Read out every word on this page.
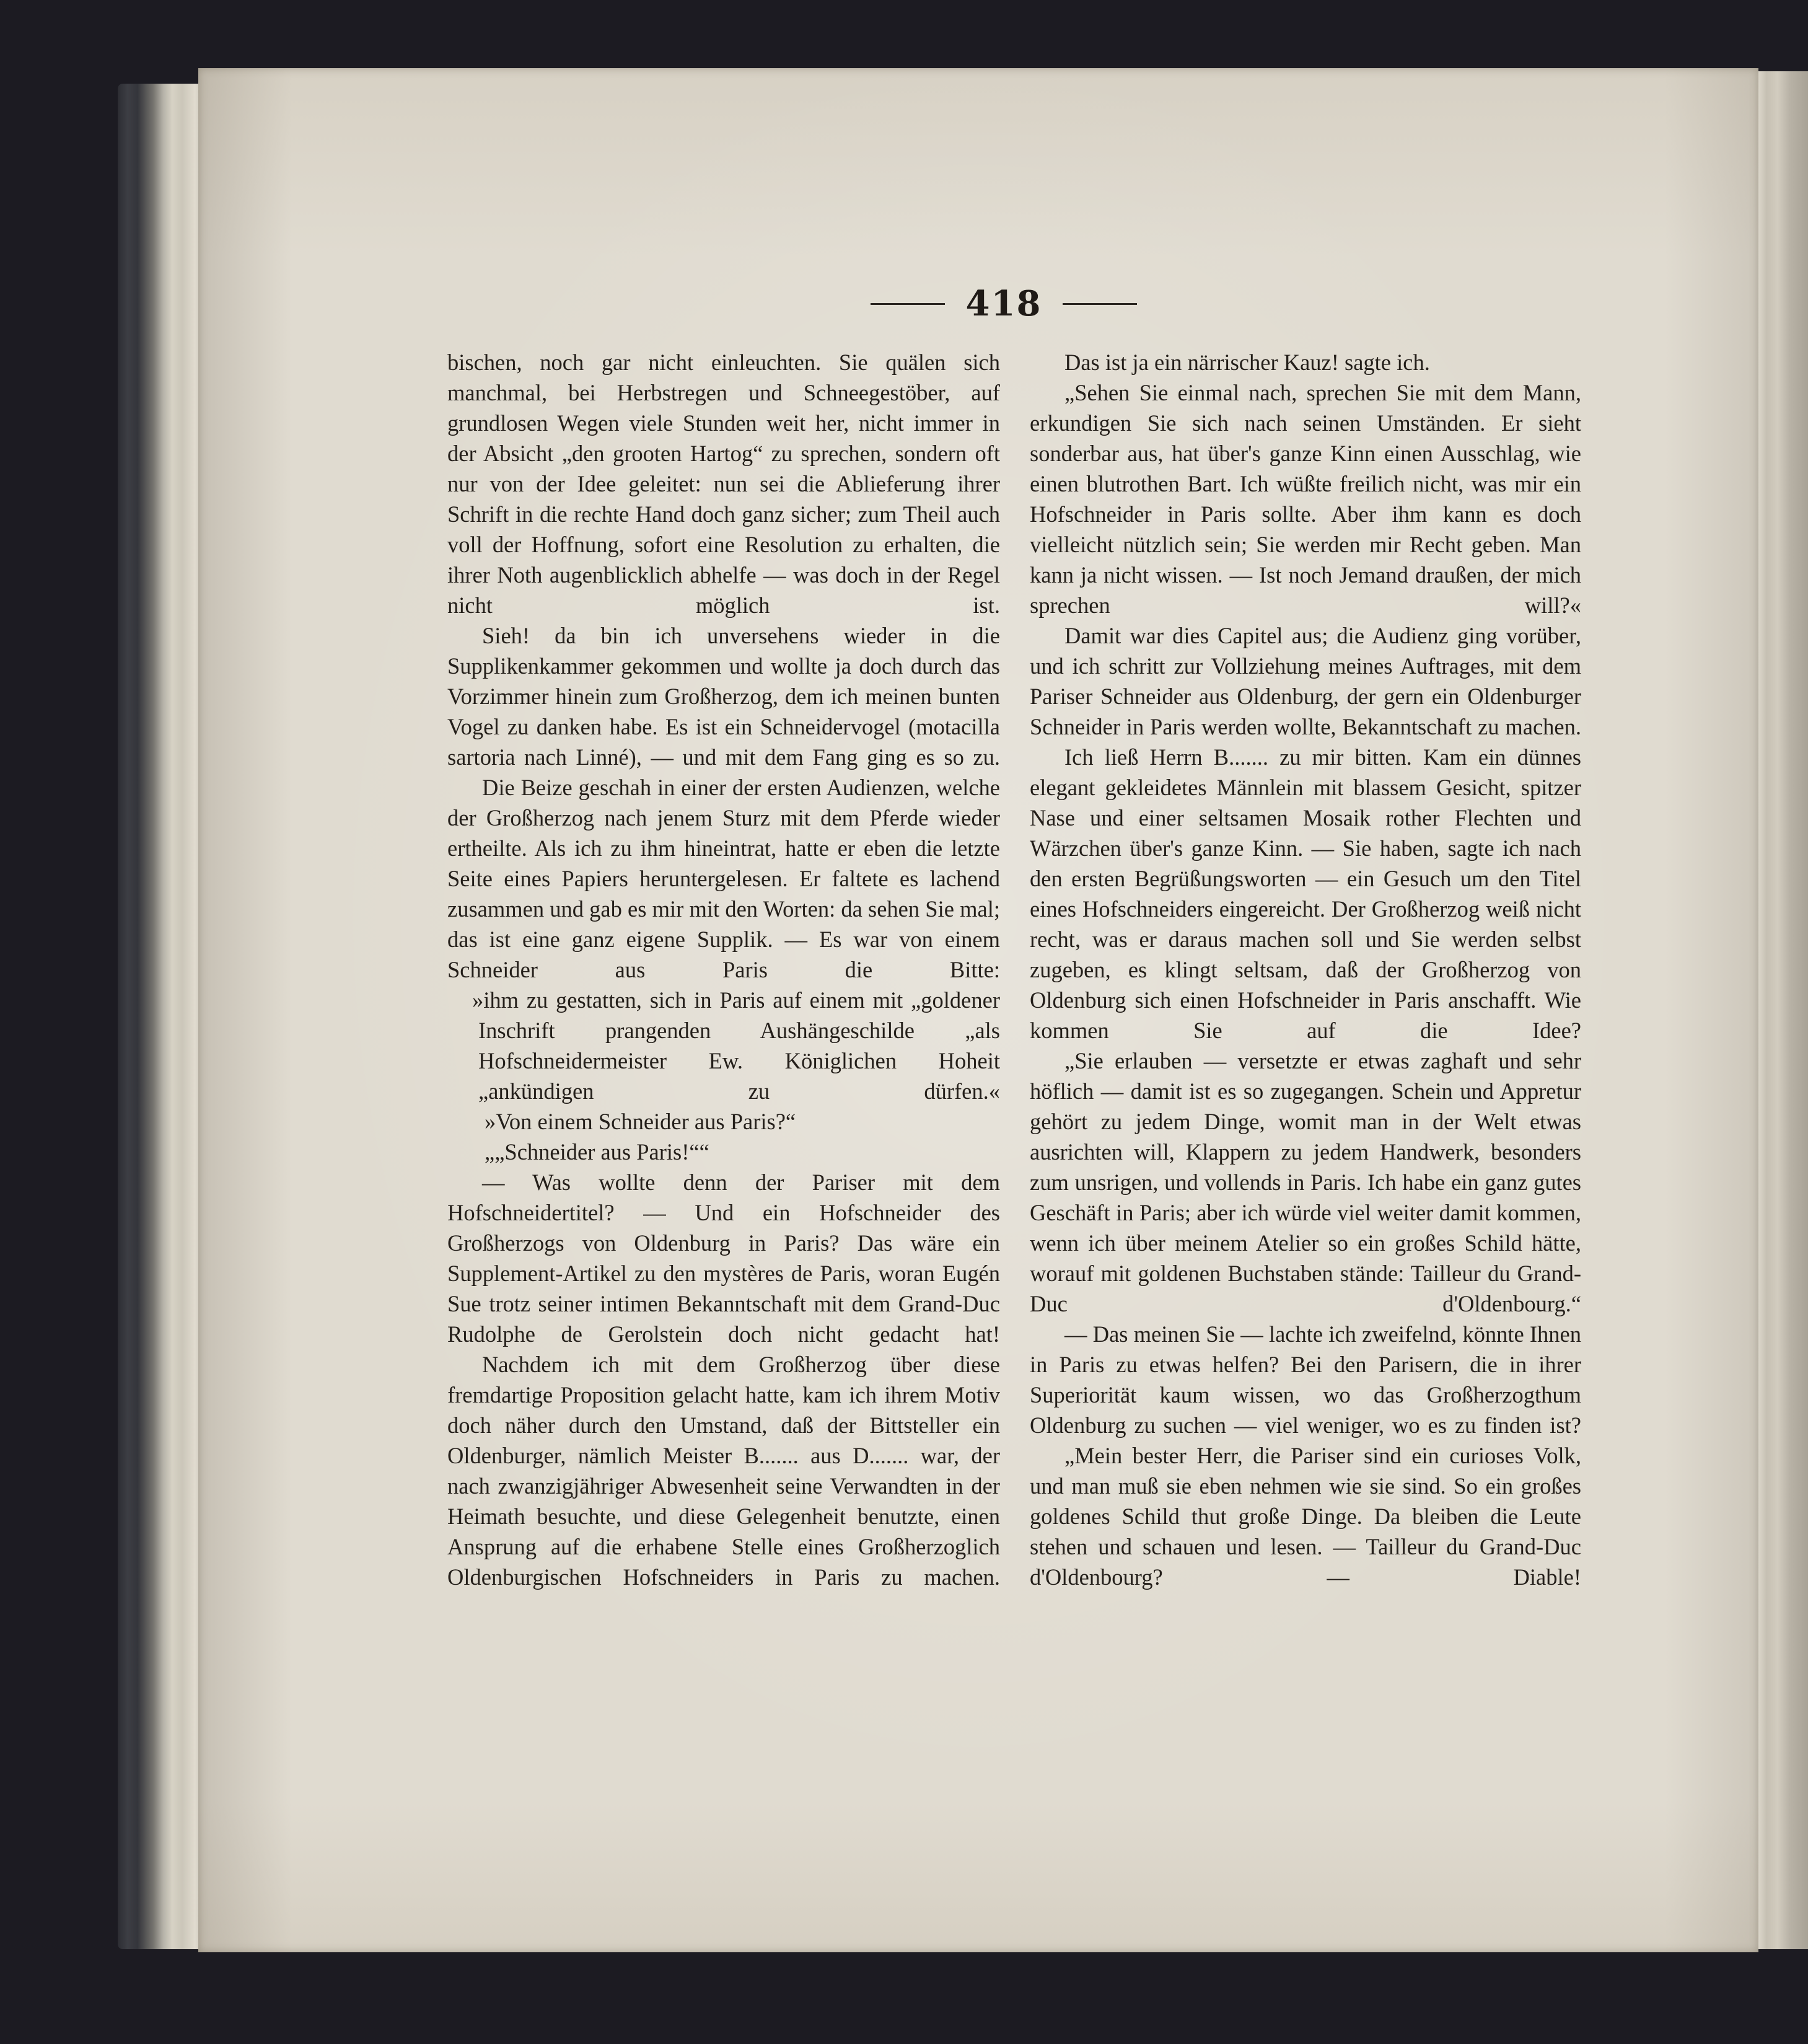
418

bischen, noch gar nicht einleuchten. Sie quälen sich manchmal, bei Herbstregen und Schneegestöber, auf grundlosen Wegen viele Stunden weit her, nicht immer in der Absicht „den grooten Hartog“ zu sprechen, sondern oft nur von der Idee geleitet: nun sei die Ablieferung ihrer Schrift in die rechte Hand doch ganz sicher; zum Theil auch voll der Hoffnung, sofort eine Resolution zu erhalten, die ihrer Noth augenblicklich abhelfe — was doch in der Regel nicht möglich ist.

Sieh! da bin ich unversehens wieder in die Supplikenkammer gekommen und wollte ja doch durch das Vorzimmer hinein zum Großherzog, dem ich meinen bunten Vogel zu danken habe. Es ist ein Schneidervogel (motacilla sartoria nach Linné), — und mit dem Fang ging es so zu.

Die Beize geschah in einer der ersten Audienzen, welche der Großherzog nach jenem Sturz mit dem Pferde wieder ertheilte. Als ich zu ihm hineintrat, hatte er eben die letzte Seite eines Papiers heruntergelesen. Er faltete es lachend zusammen und gab es mir mit den Worten: da sehen Sie mal; das ist eine ganz eigene Supplik. — Es war von einem Schneider aus Paris die Bitte:

»ihm zu gestatten, sich in Paris auf einem mit „goldener Inschrift prangenden Aushängeschilde „als Hofschneidermeister Ew. Königlichen Hoheit „ankündigen zu dürfen.«

»Von einem Schneider aus Paris?“

„„Schneider aus Paris!““

— Was wollte denn der Pariser mit dem Hofschneidertitel? — Und ein Hofschneider des Großherzogs von Oldenburg in Paris? Das wäre ein Supplement-Artikel zu den mystères de Paris, woran Eugén Sue trotz seiner intimen Bekanntschaft mit dem Grand-Duc Rudolphe de Gerolstein doch nicht gedacht hat!

Nachdem ich mit dem Großherzog über diese fremdartige Proposition gelacht hatte, kam ich ihrem Motiv doch näher durch den Umstand, daß der Bittsteller ein Oldenburger, nämlich Meister B....... aus D....... war, der nach zwanzigjähriger Abwesenheit seine Verwandten in der Heimath besuchte, und diese Gelegenheit benutzte, einen Ansprung auf die erhabene Stelle eines Großherzoglich Oldenburgischen Hofschneiders in Paris zu machen.

Das ist ja ein närrischer Kauz! sagte ich.

„Sehen Sie einmal nach, sprechen Sie mit dem Mann, erkundigen Sie sich nach seinen Umständen. Er sieht sonderbar aus, hat über's ganze Kinn einen Ausschlag, wie einen blutrothen Bart. Ich wüßte freilich nicht, was mir ein Hofschneider in Paris sollte. Aber ihm kann es doch vielleicht nützlich sein; Sie werden mir Recht geben. Man kann ja nicht wissen. — Ist noch Jemand draußen, der mich sprechen will?«

Damit war dies Capitel aus; die Audienz ging vorüber, und ich schritt zur Vollziehung meines Auftrages, mit dem Pariser Schneider aus Oldenburg, der gern ein Oldenburger Schneider in Paris werden wollte, Bekanntschaft zu machen.

Ich ließ Herrn B....... zu mir bitten. Kam ein dünnes elegant gekleidetes Männlein mit blassem Gesicht, spitzer Nase und einer seltsamen Mosaik rother Flechten und Wärzchen über's ganze Kinn. — Sie haben, sagte ich nach den ersten Begrüßungsworten — ein Gesuch um den Titel eines Hofschneiders eingereicht. Der Großherzog weiß nicht recht, was er daraus machen soll und Sie werden selbst zugeben, es klingt seltsam, daß der Großherzog von Oldenburg sich einen Hofschneider in Paris anschafft. Wie kommen Sie auf die Idee?

„Sie erlauben — versetzte er etwas zaghaft und sehr höflich — damit ist es so zugegangen. Schein und Appretur gehört zu jedem Dinge, womit man in der Welt etwas ausrichten will, Klappern zu jedem Handwerk, besonders zum unsrigen, und vollends in Paris. Ich habe ein ganz gutes Geschäft in Paris; aber ich würde viel weiter damit kommen, wenn ich über meinem Atelier so ein großes Schild hätte, worauf mit goldenen Buchstaben stände: Tailleur du Grand-Duc d'Oldenbourg.“

— Das meinen Sie — lachte ich zweifelnd, könnte Ihnen in Paris zu etwas helfen? Bei den Parisern, die in ihrer Superiorität kaum wissen, wo das Großherzogthum Oldenburg zu suchen — viel weniger, wo es zu finden ist?

„Mein bester Herr, die Pariser sind ein curioses Volk, und man muß sie eben nehmen wie sie sind. So ein großes goldenes Schild thut große Dinge. Da bleiben die Leute stehen und schauen und lesen. — Tailleur du Grand-Duc d'Oldenbourg? — Diable!
